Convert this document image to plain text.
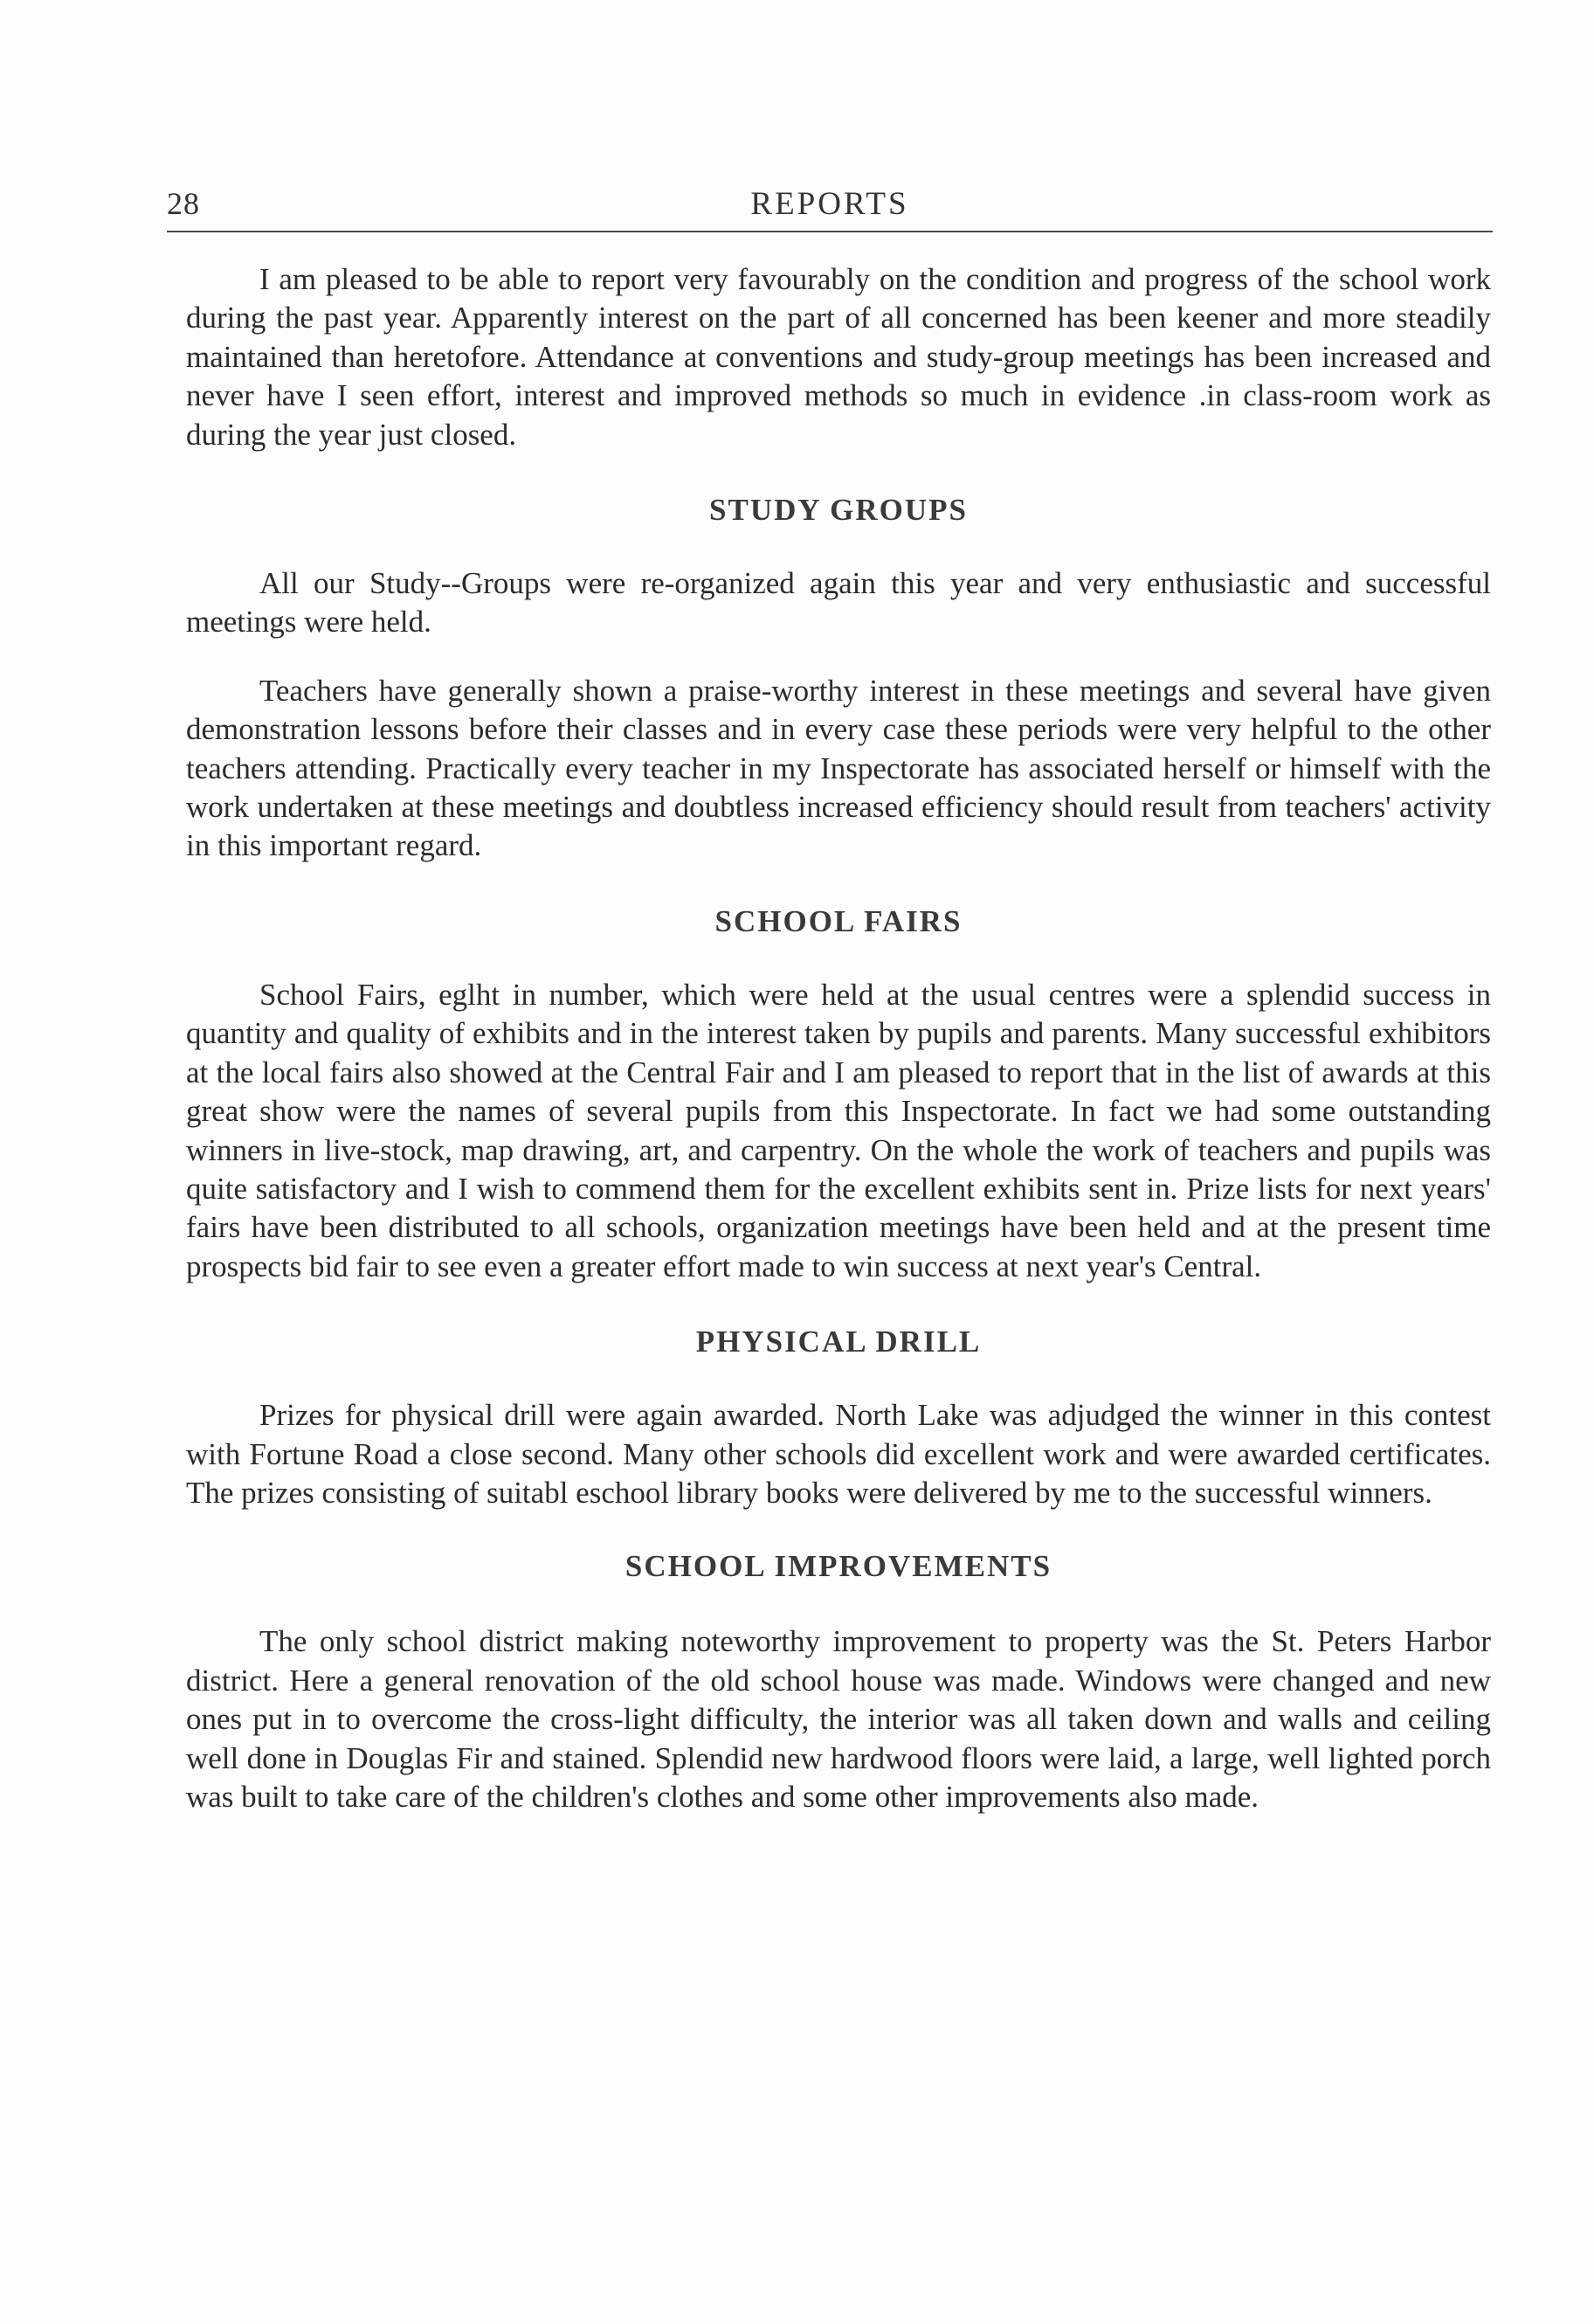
28	REPORTS

I am pleased to be able to report very favourably on the condition and progress of the school work during the past year. Apparently interest on the part of all concerned has been keener and more steadily maintained than heretofore. Attendance at conventions and study-group meetings has been increased and never have I seen effort, interest and improved methods so much in evidence .in class-room work as during the year just closed.

STUDY GROUPS

All our Study--Groups were re-organized again this year and very enthusiastic and successful meetings were held.

Teachers have generally shown a praise-worthy interest in these meetings and several have given demonstration lessons before their classes and in every case these periods were very helpful to the other teachers attending. Practically every teacher in my Inspectorate has associated herself or himself with the work undertaken at these meetings and doubtless increased efficiency should result from teachers' activity in this important regard.

SCHOOL FAIRS

School Fairs, eglht in number, which were held at the usual centres were a splendid success in quantity and quality of exhibits and in the interest taken by pupils and parents. Many successful exhibitors at the local fairs also showed at the Central Fair and I am pleased to report that in the list of awards at this great show were the names of several pupils from this Inspectorate. In fact we had some outstanding winners in live-stock, map drawing, art, and carpentry. On the whole the work of teachers and pupils was quite satisfactory and I wish to commend them for the excellent exhibits sent in. Prize lists for next years' fairs have been distributed to all schools, organization meetings have been held and at the present time prospects bid fair to see even a greater effort made to win success at next year's Central.

PHYSICAL DRILL

Prizes for physical drill were again awarded. North Lake was adjudged the winner in this contest with Fortune Road a close second. Many other schools did excellent work and were awarded certificates. The prizes consisting of suitabl eschool library books were delivered by me to the successful winners.

SCHOOL IMPROVEMENTS

The only school district making noteworthy improvement to property was the St. Peters Harbor district. Here a general renovation of the old school house was made. Windows were changed and new ones put in to overcome the cross-light difficulty, the interior was all taken down and walls and ceiling well done in Douglas Fir and stained. Splendid new hardwood floors were laid, a large, well lighted porch was built to take care of the children's clothes and some other improvements also made.
